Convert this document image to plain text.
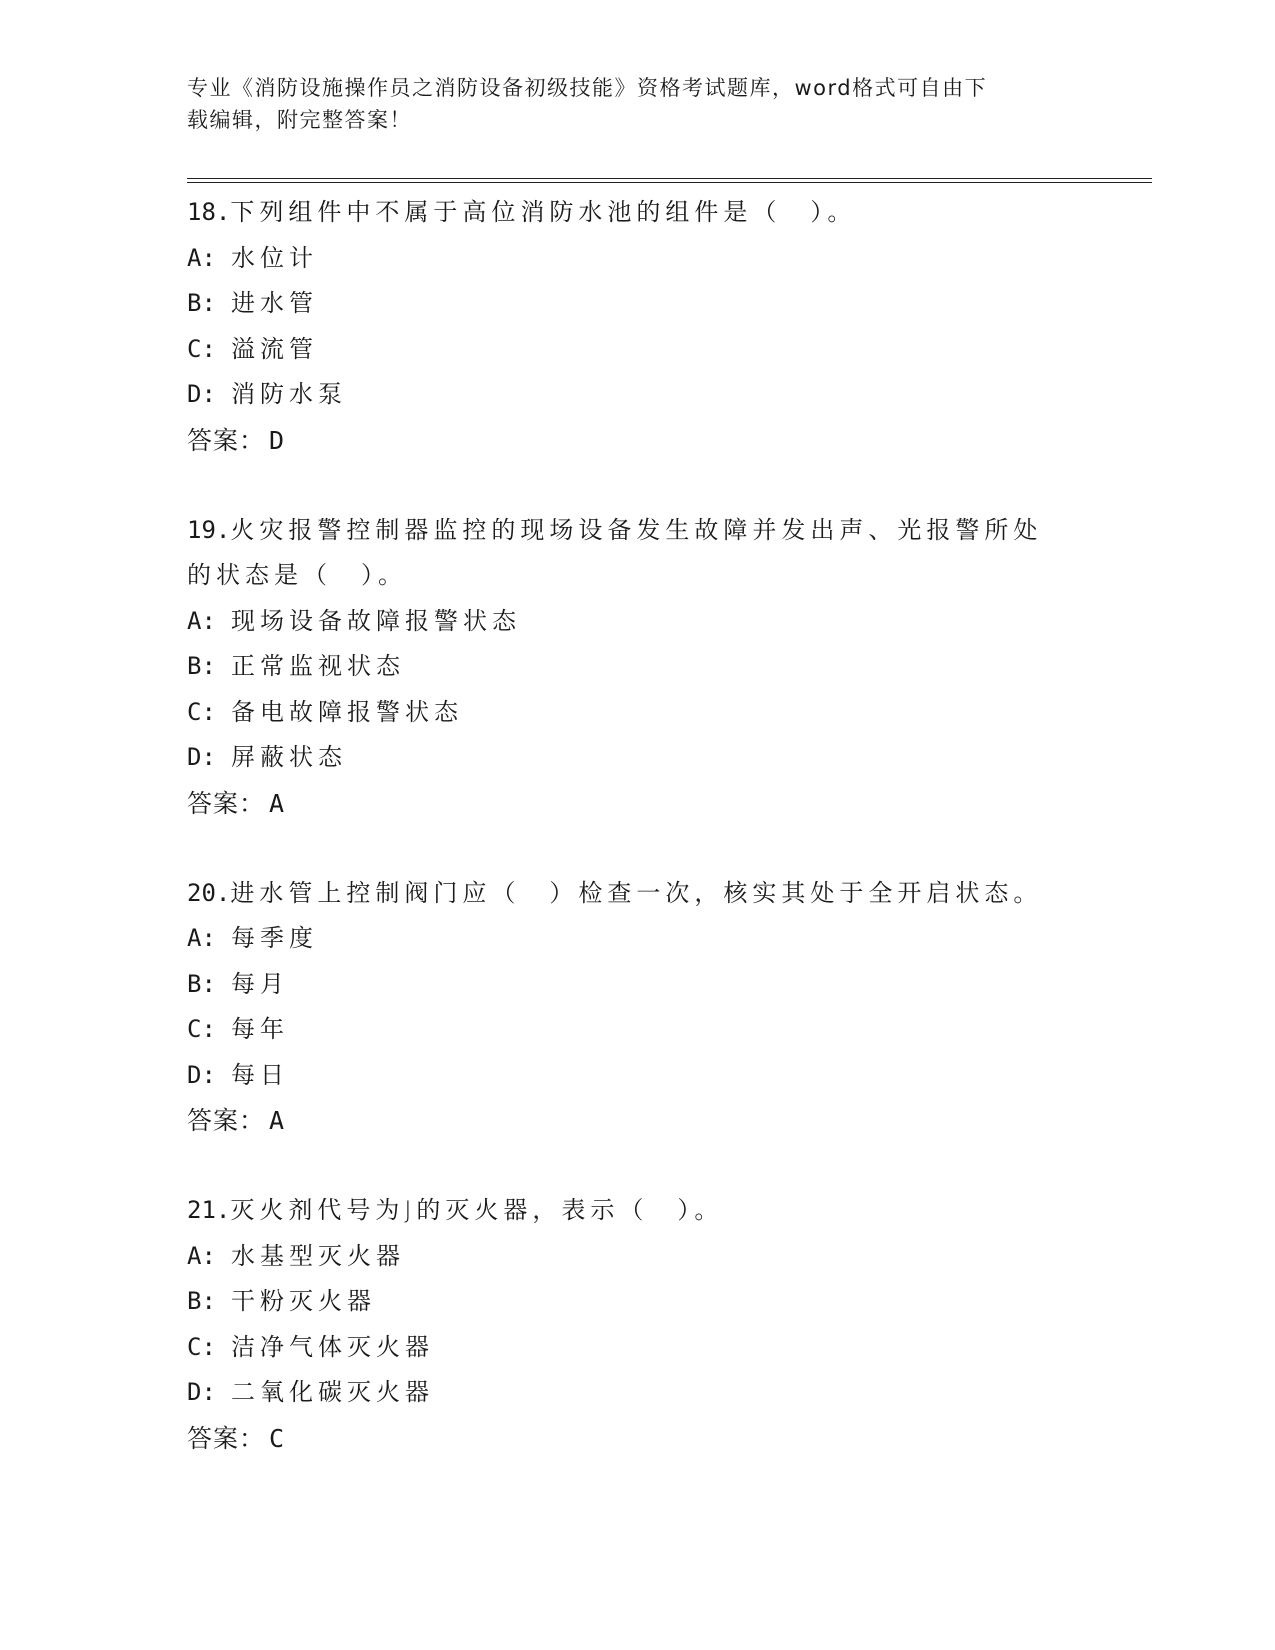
专业《消防设施操作员之消防设备初级技能》资格考试题库，word格式可自由下
载编辑，附完整答案！
18.下列组件中不属于高位消防水池的组件是（　）。
A: 水位计
B: 进水管
C: 溢流管
D: 消防水泵
答案： D
19.火灾报警控制器监控的现场设备发生故障并发出声、光报警所处的状态是（　）。
A: 现场设备故障报警状态
B: 正常监视状态
C: 备电故障报警状态
D: 屏蔽状态
答案： A
20.进水管上控制阀门应（　）检查一次，核实其处于全开启状态。
A: 每季度
B: 每月
C: 每年
D: 每日
答案： A
21.灭火剂代号为J的灭火器，表示（　）。
A: 水基型灭火器
B: 干粉灭火器
C: 洁净气体灭火器
D: 二氧化碳灭火器
答案： C
